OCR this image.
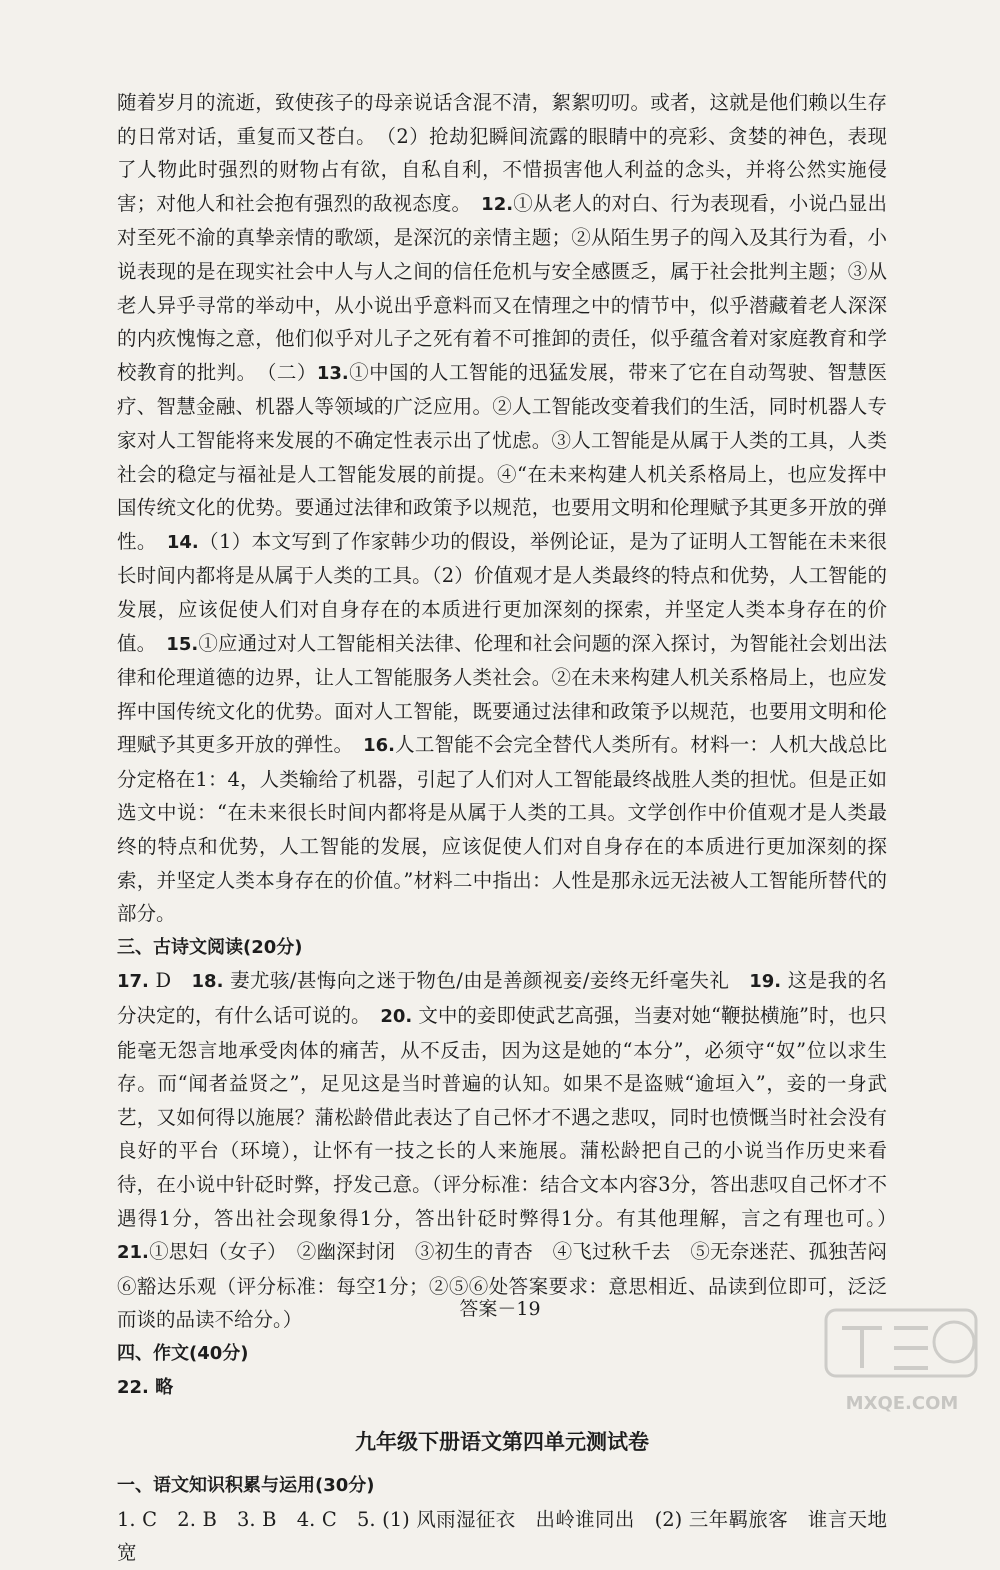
随着岁月的流逝，致使孩子的母亲说话含混不清，絮絮叨叨。或者，这就是他们赖以生存的日常对话，重复而又苍白。　 （2）抢劫犯瞬间流露的眼睛中的亮彩、贪婪的神色，表现了人物此时强烈的财物占有欲，自私自利，不惜损害他人利益的念头，并将公然实施侵害；对他人和社会抱有强烈的敌视态度。　 12.①从老人的对白、行为表现看，小说凸显出对至死不渝的真挚亲情的歌颂，是深沉的亲情主题；②从陌生男子的闯入及其行为看，小说表现的是在现实社会中人与人之间的信任危机与安全感匮乏，属于社会批判主题；③从老人异乎寻常的举动中，从小说出乎意料而又在情理之中的情节中，似乎潜藏着老人深深的内疚愧悔之意，他们似乎对儿子之死有着不可推卸的责任，似乎蕴含着对家庭教育和学校教育的批判。　 （二）13.①中国的人工智能的迅猛发展，带来了它在自动驾驶、智慧医疗、智慧金融、机器人等领域的广泛应用。②人工智能改变着我们的生活，同时机器人专家对人工智能将来发展的不确定性表示出了忧虑。③人工智能是从属于人类的工具，人类社会的稳定与福祉是人工智能发展的前提。④“在未来构建人机关系格局上，也应发挥中国传统文化的优势。要通过法律和政策予以规范，也要用文明和伦理赋予其更多开放的弹性。　 14.（1）本文写到了作家韩少功的假设，举例论证，是为了证明人工智能在未来很长时间内都将是从属于人类的工具。（2）价值观才是人类最终的特点和优势，人工智能的发展，应该促使人们对自身存在的本质进行更加深刻的探索，并坚定人类本身存在的价值。　 15.①应通过对人工智能相关法律、伦理和社会问题的深入探讨，为智能社会划出法律和伦理道德的边界，让人工智能服务人类社会。②在未来构建人机关系格局上，也应发挥中国传统文化的优势。面对人工智能，既要通过法律和政策予以规范，也要用文明和伦理赋予其更多开放的弹性。　 16.人工智能不会完全替代人类所有。材料一：人机大战总比分定格在1：4，人类输给了机器，引起了人们对人工智能最终战胜人类的担忧。但是正如选文中说：“在未来很长时间内都将是从属于人类的工具。文学创作中价值观才是人类最终的特点和优势，人工智能的发展，应该促使人们对自身存在的本质进行更加深刻的探索，并坚定人类本身存在的价值。”材料二中指出：人性是那永远无法被人工智能所替代的部分。

三、古诗文阅读(20分)

17. D　 18. 妻尤骇/甚悔向之迷于物色/由是善颜视妾/妾终无纤毫失礼　 19. 这是我的名分决定的，有什么话可说的。　 20. 文中的妾即使武艺高强，当妻对她“鞭挞横施”时，也只能毫无怨言地承受肉体的痛苦，从不反击，因为这是她的“本分”，必须守“奴”位以求生存。而“闻者益贤之”，足见这是当时普遍的认知。如果不是盗贼“逾垣入”，妾的一身武艺，又如何得以施展？蒲松龄借此表达了自己怀才不遇之悲叹，同时也愤慨当时社会没有良好的平台（环境），让怀有一技之长的人来施展。蒲松龄把自己的小说当作历史来看待，在小说中针砭时弊，抒发己意。（评分标准：结合文本内容3分，答出悲叹自己怀才不遇得1分，答出社会现象得1分，答出针砭时弊得1分。有其他理解，言之有理也可。）　21.①思妇（女子）　②幽深封闭　③初生的青杏　④飞过秋千去　⑤无奈迷茫、孤独苦闷　⑥豁达乐观（评分标准：每空1分；②⑤⑥处答案要求：意思相近、品读到位即可，泛泛而谈的品读不给分。）

四、作文(40分)

22. 略

九年级下册语文第四单元测试卷

一、语文知识积累与运用(30分)

1. C　2. B　3. B　4. C　5. (1) 风雨湿征衣　出岭谁同出　(2) 三年羁旅客　谁言天地宽

答案－19
MXQE.COM
